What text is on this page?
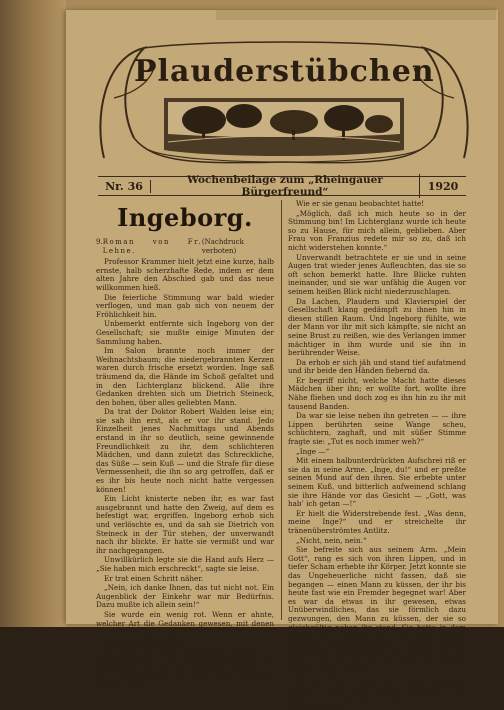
Plauderstübchen
Nr. 36	Wochenbeilage zum „Rheingauer Bürgerfreund“	1920
Ingeborg.
9. Roman von Fr. Lehne.
(Nachdruck verboten)

Professor Krammer hielt jetzt eine kurze, halb ernste, halb scherzhafte Rede, indem er dem alten Jahre den Abschied gab und das neue willkommen hieß.

Die feierliche Stimmung war bald wieder verflogen, und man gab sich von neuem der Fröhlichkeit hin.

Unbemerkt entfernte sich Ingeborg von der Gesellschaft; sie mußte einige Minuten der Sammlung haben.

Im Salon brannte noch immer der Weihnachtsbaum; die niedergebrannten Kerzen waren durch frische ersetzt worden. Inge saß träumend da, die Hände im Schoß gefaltet und in den Lichterglanz blickend. Alle ihre Gedanken drehten sich um Dietrich Steineck, den hohen, über alles geliebten Mann.

Da trat der Doktor Robert Walden leise ein; sie sah ihn erst, als er vor ihr stand. Jedo Einzelheit jenes Nachmittags und Abends erstand in ihr so deutlich, seine gewinnende Freundlichkeit zu ihr, dem schlichteren Mädchen, und dann zuletzt das Schreckliche, das Süße — sein Kuß — und die Strafe für diese Vermessenheit, die ihn so arg getroffen, daß er es ihr bis heute noch nicht hatte vergessen können!

Ein Licht knisterte neben ihr, es war fast ausgebrannt und hatte den Zweig, auf dem es befestigt war, ergriffen. Ingeborg erhob sich und verlöschte es, und da sah sie Dietrich von Steineck in der Tür stehen, der unverwandt nach ihr blickte. Er hatte sie vermißt und war ihr nachgegangen.

Unwillkürlich legte sie die Hand aufs Herz — „Sie haben mich erschreckt“, sagte sie leise.

Er trat einen Schritt näher.

„Nein, ich danke Ihnen, das tut nicht not. Ein Augenblick der Einkehr war mir Bedürfnis. Dazu mußte ich allein sein!“

Sie wurde ein wenig rot. Wenn er ahnte, welcher Art die Gedanken gewesen, mit denen sie sich beschäftigt hatte.

Sie schüttelte den Kopf.

„So darf ich einen Augenblick bleiben?“ Er zog einen Stuhl zu sich heran und setzte sich ihr gegenüber. „Sie sind so ernst heute abend — — ja, so widersprechen Sie nicht. Ihre Heiterkeit ist nicht echt.“

Wie er sie genau beobachtet hatte!

„Möglich, daß ich mich heute so in der Stimmung bin! Im Lichterglanz wurde ich heute so zu Hause, für mich allein, geblieben. Aber Frau von Franzius redete mir so zu, daß ich nicht widerstehen konnte.“

Unverwandt betrachtete er sie und in seine Augen trat wieder jenes Aufleuchten, das sie so oft schon bemerkt hatte. Ihre Blicke ruhten ineinander, und sie war unfähig die Augen vor seinem heißen Blick nicht niederzuschlagen.

Da Lachen, Plaudern und Klavierspiel der Gesellschaft klang gedämpft zu ihnen hin in diesen stillen Raum. Und Ingeborg fühlte, wie der Mann vor ihr mit sich kämpfte, sie nicht an seine Brust zu reißen, wie des Verlangen immer mächtiger in ihm wurde und sie ihn in berührender Weise.

Da erhob er sich jäh und stand tief aufatmend und ihr beide den Händen fiebernd da.

Er begriff nicht, welche Macht hatte dieses Mädchen über ihn; er wollte fort, wollte ihre Nähe fliehen und doch zog es ihn hin zu ihr mit tausend Banden.

Da war sie leise neben ihn getreten — — ihre Lippen berührten seine Wange scheu, schüchtern, zaghaft, und mit süßer Stimme fragte sie: „Tut es noch immer weh?“

„Inge —“

Mit einem halbunterdrückten Aufschrei riß er sie da in seine Arme. „Inge, du!“ und er preßte seinen Mund auf den ihren. Sie erbebte unter seinem Kuß, und bitterlich aufweinend schlang sie ihre Hände vor das Gesicht — „Gott, was hab’ ich getan —!“

Er hielt die Widerstrebende fest. „Was denn, meine Inge?“ und er streichelte ihr tränenüberströmtes Antlitz.

„Nicht, nein, nein.“

Sie befreite sich aus seinem Arm. „Mein Gott“, rang es sich von ihren Lippen, und in tiefer Scham erhebte ihr Körper. Jetzt konnte sie das Ungeheuerliche nicht fassen, daß sie begangen — einen Mann zu küssen, der ihr bis heute fast wie ein Fremder begegnet war! Aber es war da etwas in ihr gewesen, etwas Unüberwindliches, das sie förmlich dazu gezwungen, den Mann zu küssen, der sie so gleichgültig neben ihr stand. Sie hatte in dem Manne, der ihr doch nur ein ferner Freund gewesen, jenen Mann der Welt, ihres ihr Sehnen erfüllenden Herzens, dem ein Nichts, der ihr gefiel; hatte ihn geliebt, so lange Sie Tränen, kam ihr ersten Sehen!

Er zog ihr die Hände vom Gesicht und hielt sie fest. „Du du, warum weinst du denn? Nicht weinen!“ Er kam die Tränen nicht sehen, du holdes Mädchen.“
